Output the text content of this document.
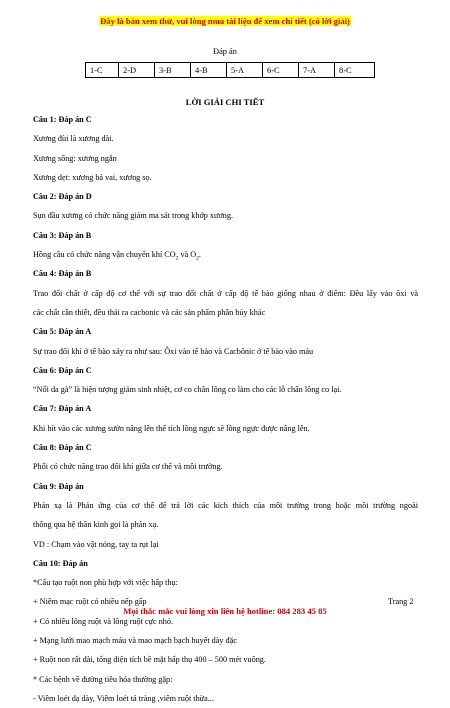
Đây là bản xem thử, vui lòng mua tài liệu để xem chi tiết (có lời giải)
Đáp án
1-C	2-D	3-B	4-B	5-A	6-C	7-A	8-C
LỜI GIẢI CHI TIẾT
Câu 1: Đáp án C
Xương đùi là xương dài.
Xương sống: xương ngắn
Xương dẹt: xương bả vai, xương sọ.
Câu 2: Đáp án D
Sụn đầu xương có chức năng giảm ma sát trong khớp xương.
Câu 3: Đáp án B
Hồng cầu có chức năng vận chuyển khí $CO_2$ và $O_2$.
Câu 4: Đáp án B
Trao đổi chất ở cấp độ cơ thể với sự trao đổi chất ở cấp độ tế bào giống nhau ở điểm: Đều lấy vào ôxi và
các chất cần thiết, đều thải ra cacbonic và các sản phẩm phân hủy khác
Câu 5: Đáp án A
Sự trao đổi khí ở tế bào xảy ra như sau: Ôxi vào tế bào và Cacbônic ở tế bào vào máu
Câu 6: Đáp án C
“Nổi da gà” là hiện tượng giảm sinh nhiệt, cơ co chân lông co làm cho các lỗ chân lông co lại.
Câu 7: Đáp án A
Khi hít vào các xương sườn nâng lên thể tích lồng ngực sẽ lồng ngực được nâng lên.
Câu 8: Đáp án C
Phổi có chức năng trao đổi khí giữa cơ thể và môi trường.
Câu 9: Đáp án
Phản xạ là Phản ứng của cơ thể để trả lời các kích thích của môi trường trong hoặc môi trường ngoài
thông qua hệ thần kinh gọi là phản xạ.
VD : Chạm vào vật nóng, tay ta rụt lại
Câu 10: Đáp án
*Cấu tạo ruột non phù hợp với việc hấp thụ:
+ Niêm mạc ruột có nhiều nếp gấp
+ Có nhiều lông ruột và lông ruột cực nhỏ.
+ Mạng lưới mao mạch máu và mao mạch bạch huyết dày đặc
+ Ruột non rất dài, tổng diện tích bề mặt hấp thụ 400 – 500 mét vuông.
* Các bệnh về đường tiêu hóa thường gặp:
- Viêm loét dạ dày, Viêm loét tá tràng ,viêm ruột thừa...
Trang 2
Mọi thắc mắc vui lòng xin liên hệ hotline: 084 283 45 85
